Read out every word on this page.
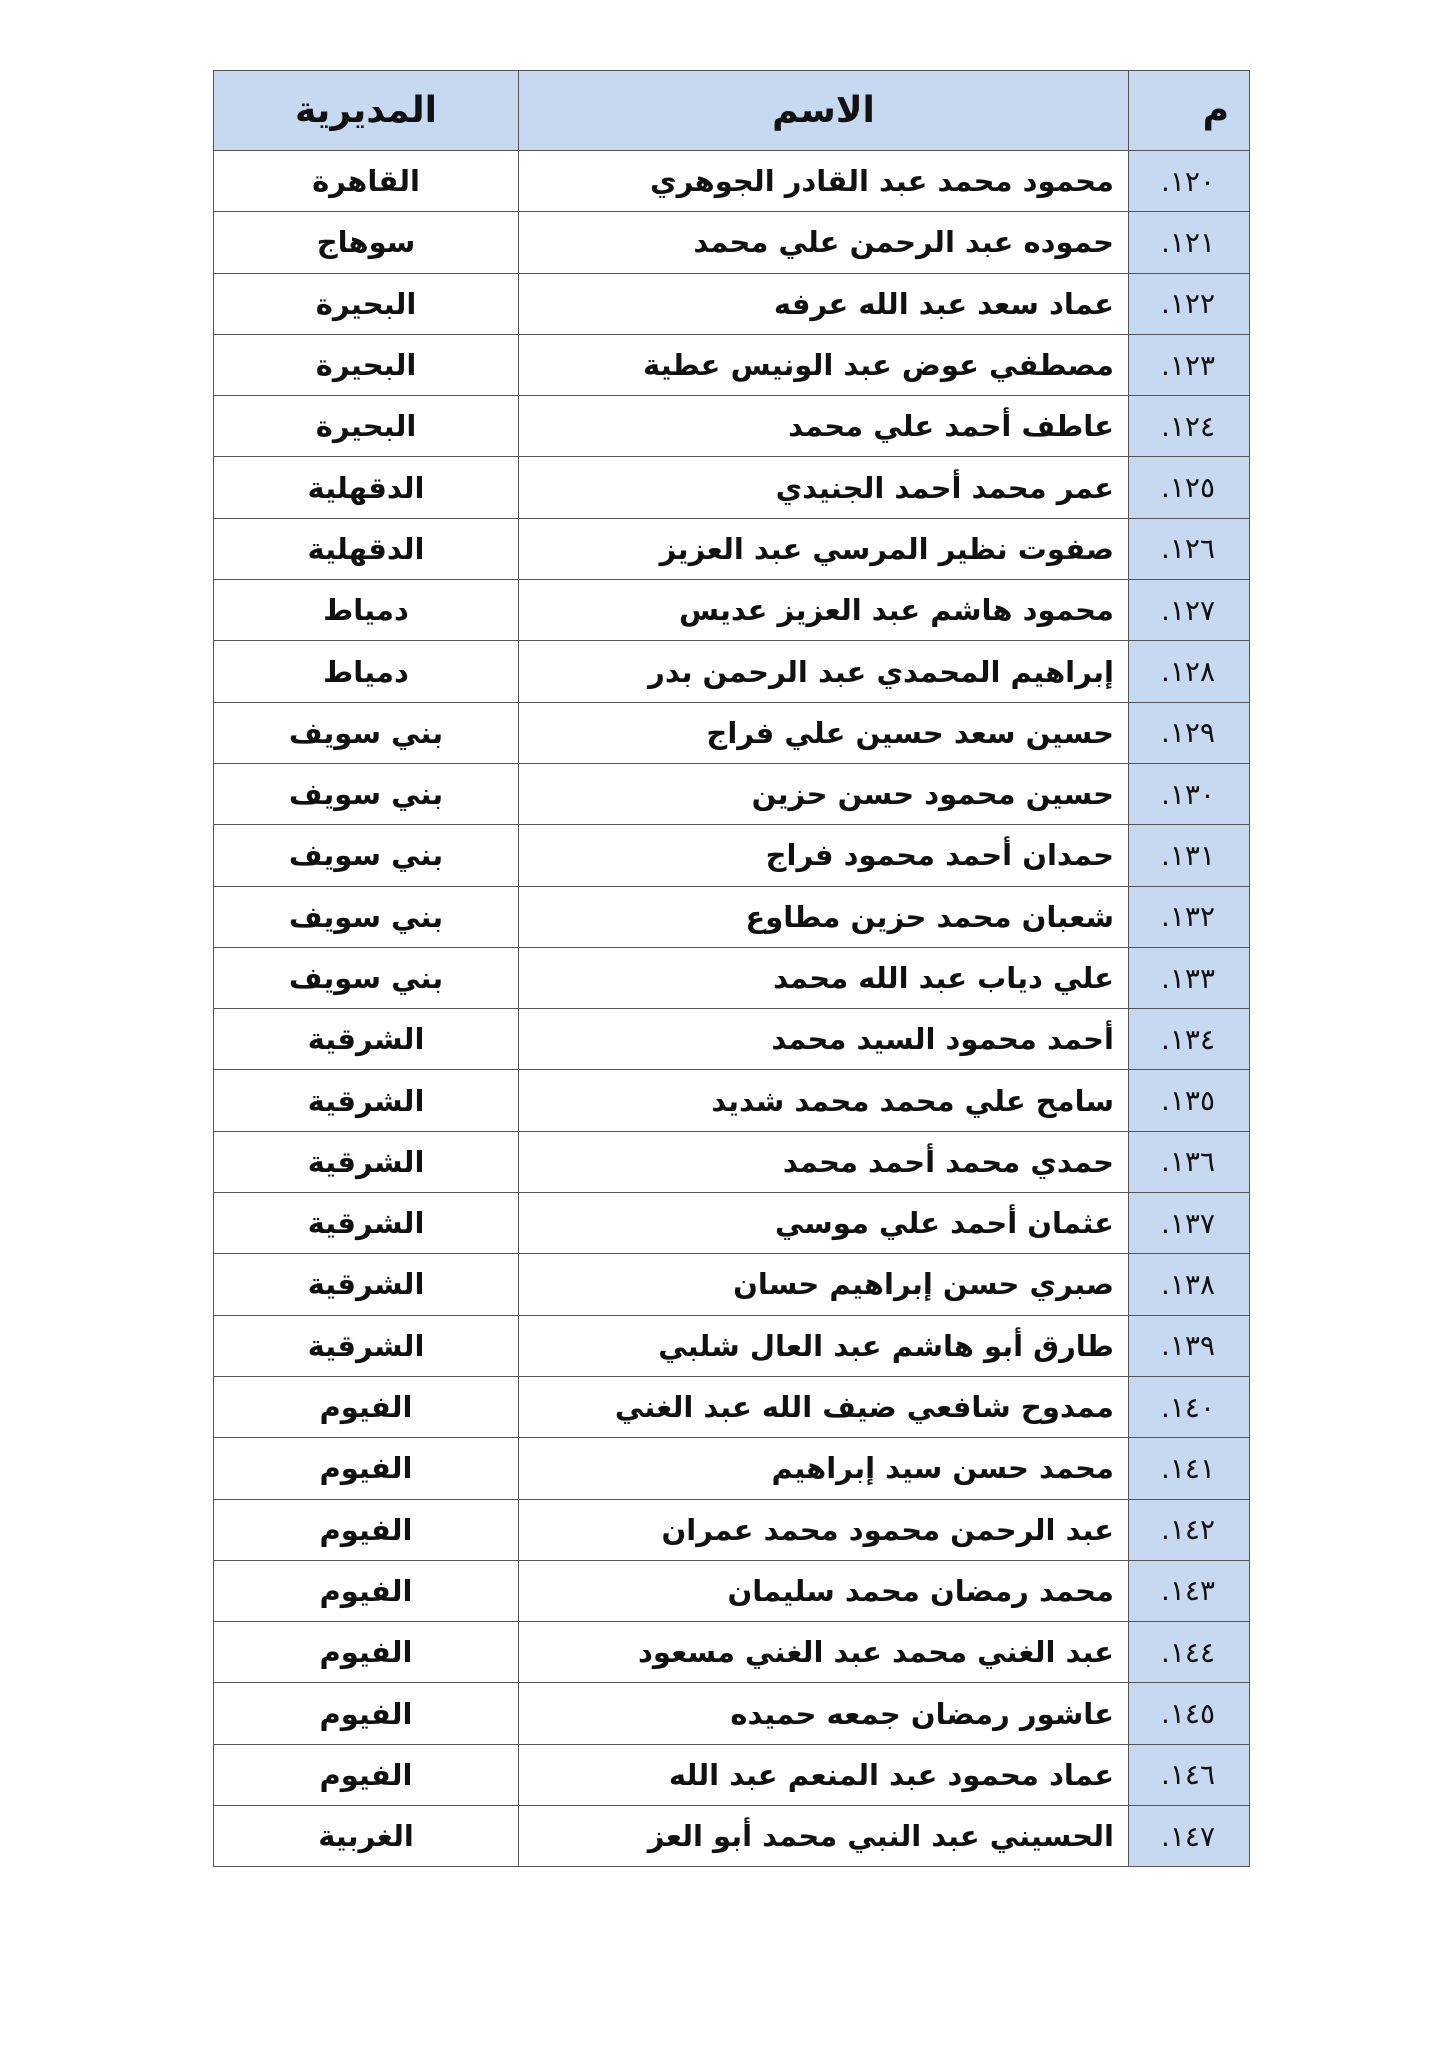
م	الاسم	المديرية
١٢٠.	محمود محمد عبد القادر الجوهري	القاهرة
١٢١.	حموده عبد الرحمن علي محمد	سوهاج
١٢٢.	عماد سعد عبد الله عرفه	البحيرة
١٢٣.	مصطفي عوض عبد الونيس عطية	البحيرة
١٢٤.	عاطف أحمد علي محمد	البحيرة
١٢٥.	عمر محمد أحمد الجنيدي	الدقهلية
١٢٦.	صفوت نظير المرسي عبد العزيز	الدقهلية
١٢٧.	محمود هاشم عبد العزيز عديس	دمياط
١٢٨.	إبراهيم المحمدي عبد الرحمن بدر	دمياط
١٢٩.	حسين سعد حسين علي فراج	بني سويف
١٣٠.	حسين محمود حسن حزين	بني سويف
١٣١.	حمدان أحمد محمود فراج	بني سويف
١٣٢.	شعبان محمد حزين مطاوع	بني سويف
١٣٣.	علي دياب عبد الله محمد	بني سويف
١٣٤.	أحمد محمود السيد محمد	الشرقية
١٣٥.	سامح علي محمد محمد شديد	الشرقية
١٣٦.	حمدي محمد أحمد محمد	الشرقية
١٣٧.	عثمان أحمد علي موسي	الشرقية
١٣٨.	صبري حسن إبراهيم حسان	الشرقية
١٣٩.	طارق أبو هاشم عبد العال شلبي	الشرقية
١٤٠.	ممدوح شافعي ضيف الله عبد الغني	الفيوم
١٤١.	محمد حسن سيد إبراهيم	الفيوم
١٤٢.	عبد الرحمن محمود محمد عمران	الفيوم
١٤٣.	محمد رمضان محمد سليمان	الفيوم
١٤٤.	عبد الغني محمد عبد الغني مسعود	الفيوم
١٤٥.	عاشور رمضان جمعه حميده	الفيوم
١٤٦.	عماد محمود عبد المنعم عبد الله	الفيوم
١٤٧.	الحسيني عبد النبي محمد أبو العز	الغربية
